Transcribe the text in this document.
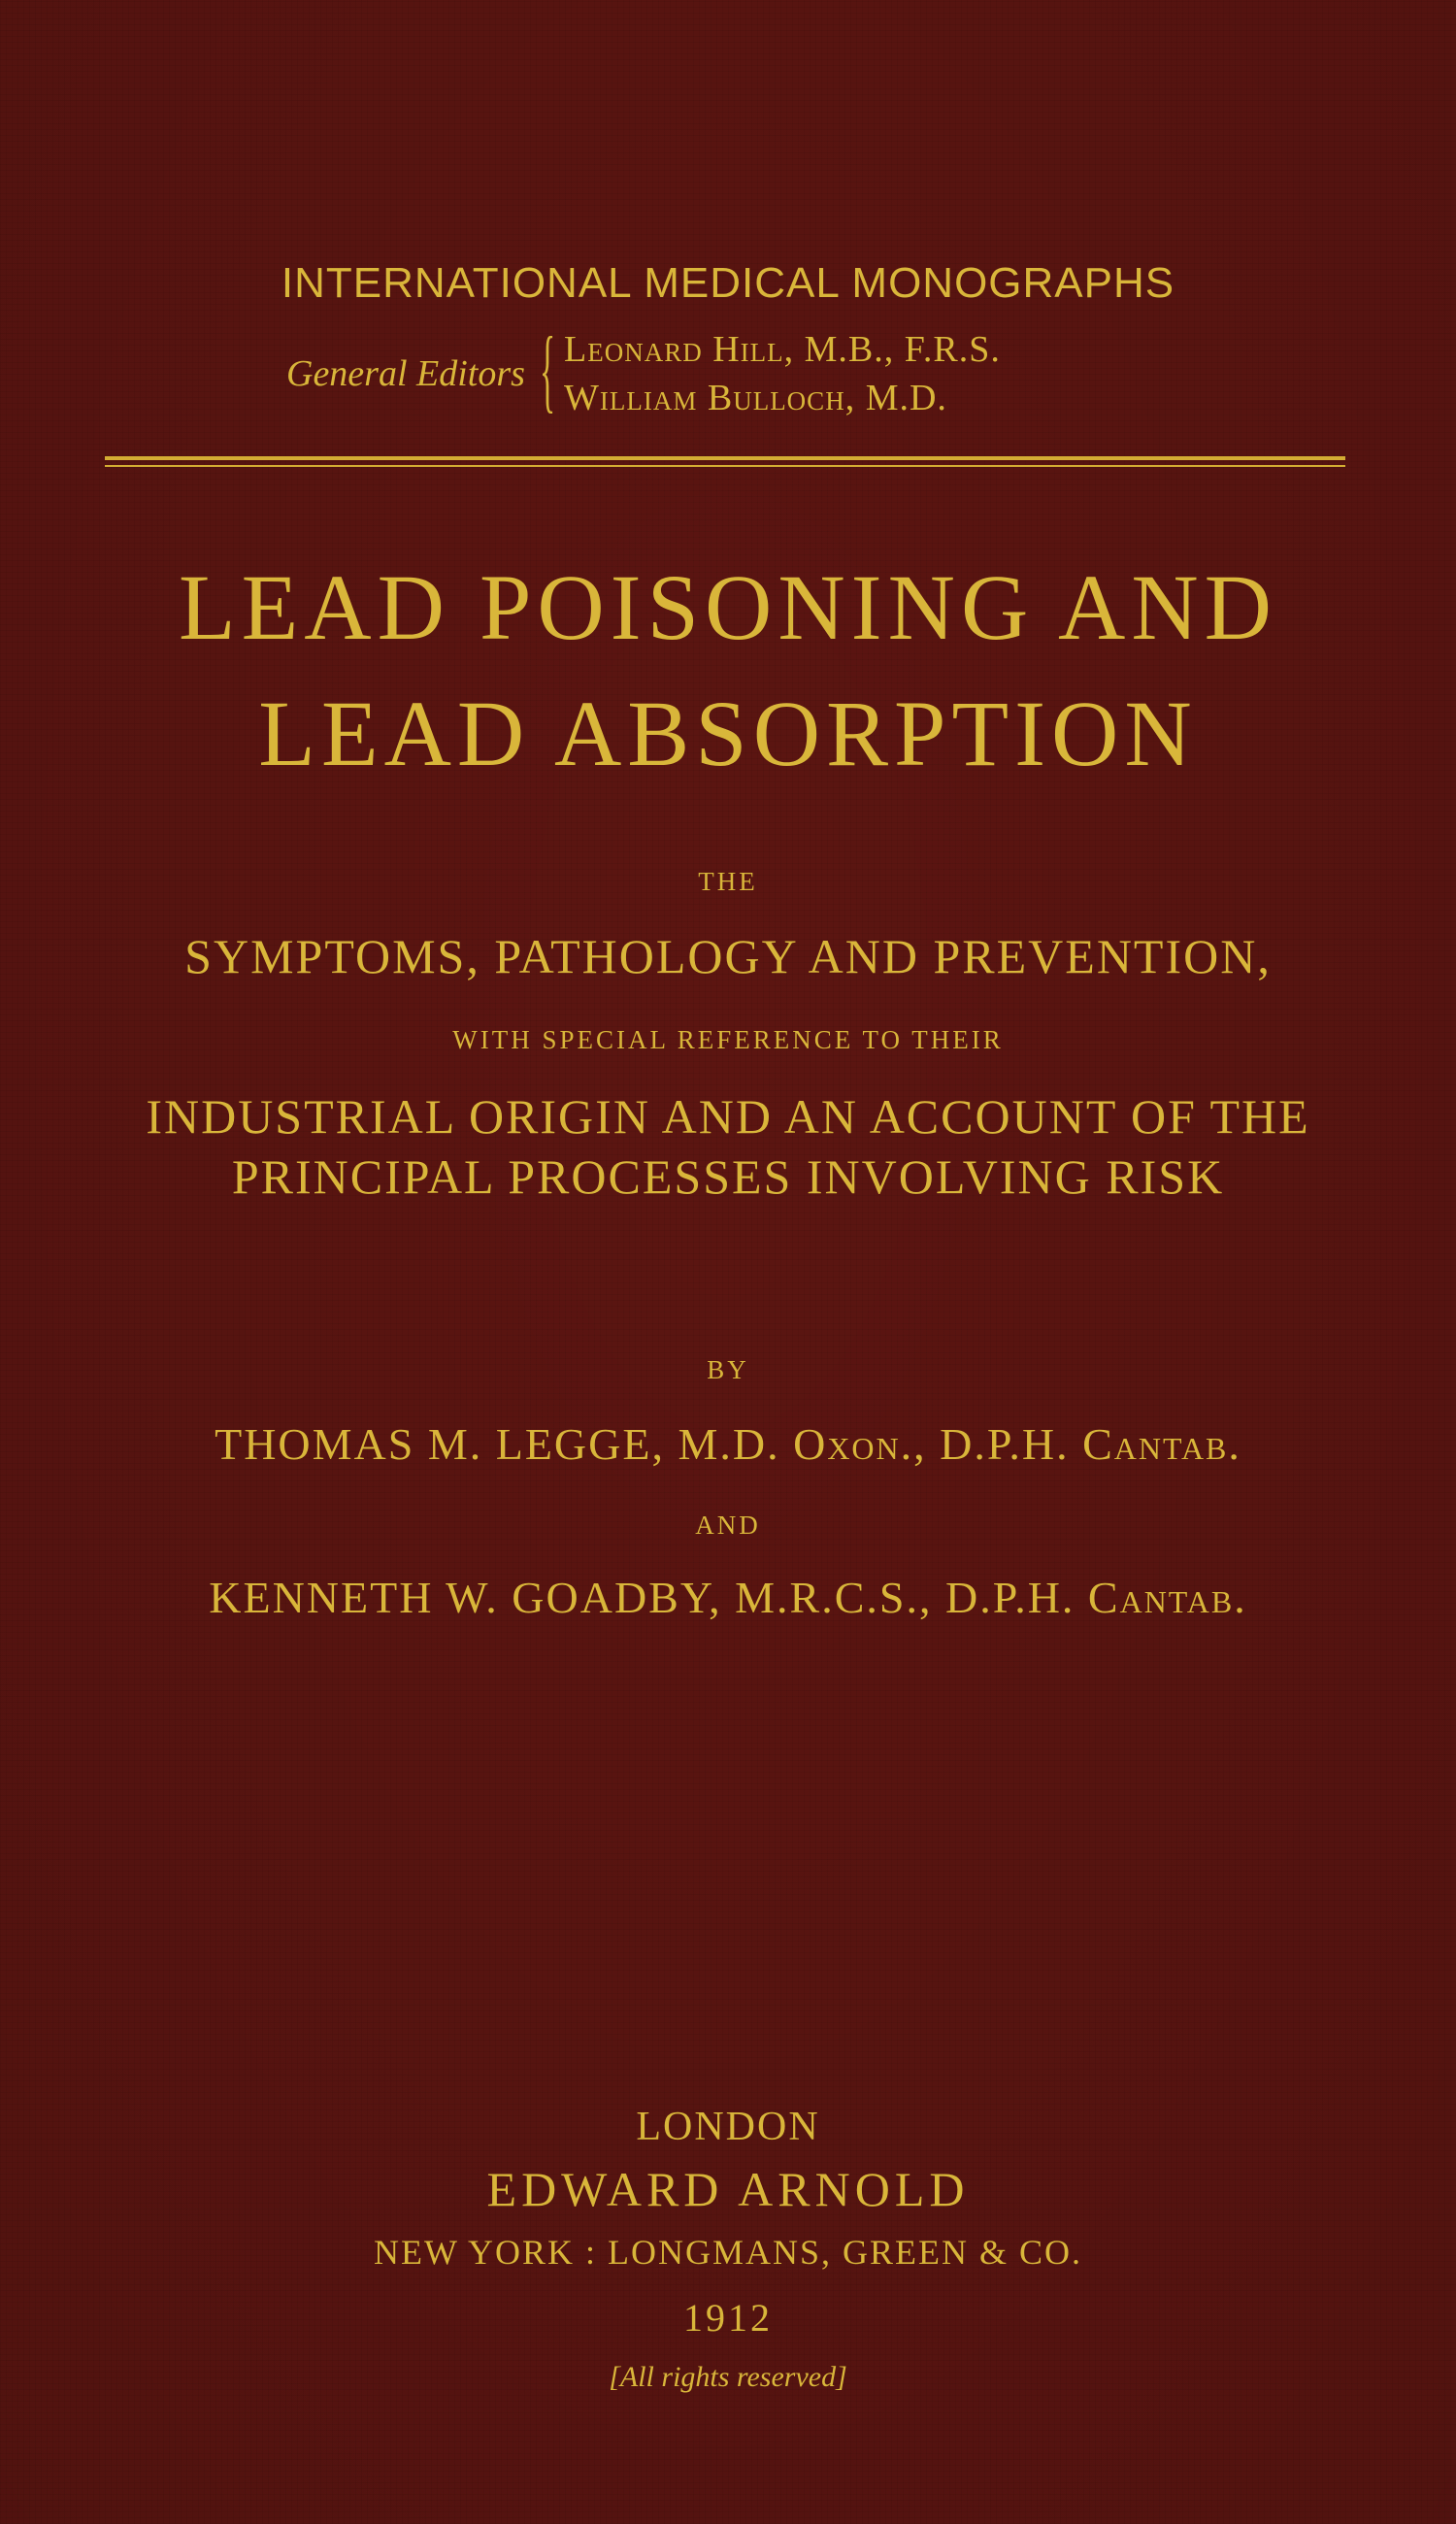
INTERNATIONAL MEDICAL MONOGRAPHS
General Editors { Leonard Hill, M.B., F.R.S.
William Bulloch, M.D.
LEAD POISONING AND
LEAD ABSORPTION
THE
SYMPTOMS, PATHOLOGY AND PREVENTION,
WITH SPECIAL REFERENCE TO THEIR
INDUSTRIAL ORIGIN AND AN ACCOUNT OF THE
PRINCIPAL PROCESSES INVOLVING RISK
BY
THOMAS M. LEGGE, M.D. Oxon., D.P.H. Cantab.
AND
KENNETH W. GOADBY, M.R.C.S., D.P.H. Cantab.
LONDON
EDWARD ARNOLD
NEW YORK : LONGMANS, GREEN & CO.
1912
[All rights reserved]
